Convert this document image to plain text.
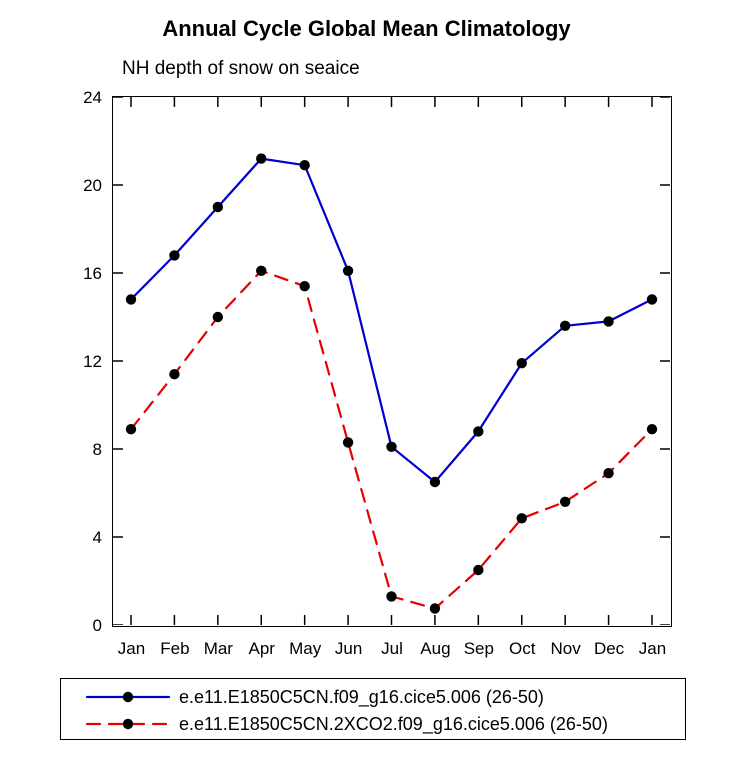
Annual Cycle Global Mean Climatology
NH depth of snow on seaice
0
4
8
12
16
20
24
Jan Feb Mar Apr May Jun	Jul	Aug Sep Oct Nov Dec Jan
e.e11.E1850C5CN.f09_g16.cice5.006 (26-50)
e.e11.E1850C5CN.2XCO2.f09_g16.cice5.006 (26-50)
